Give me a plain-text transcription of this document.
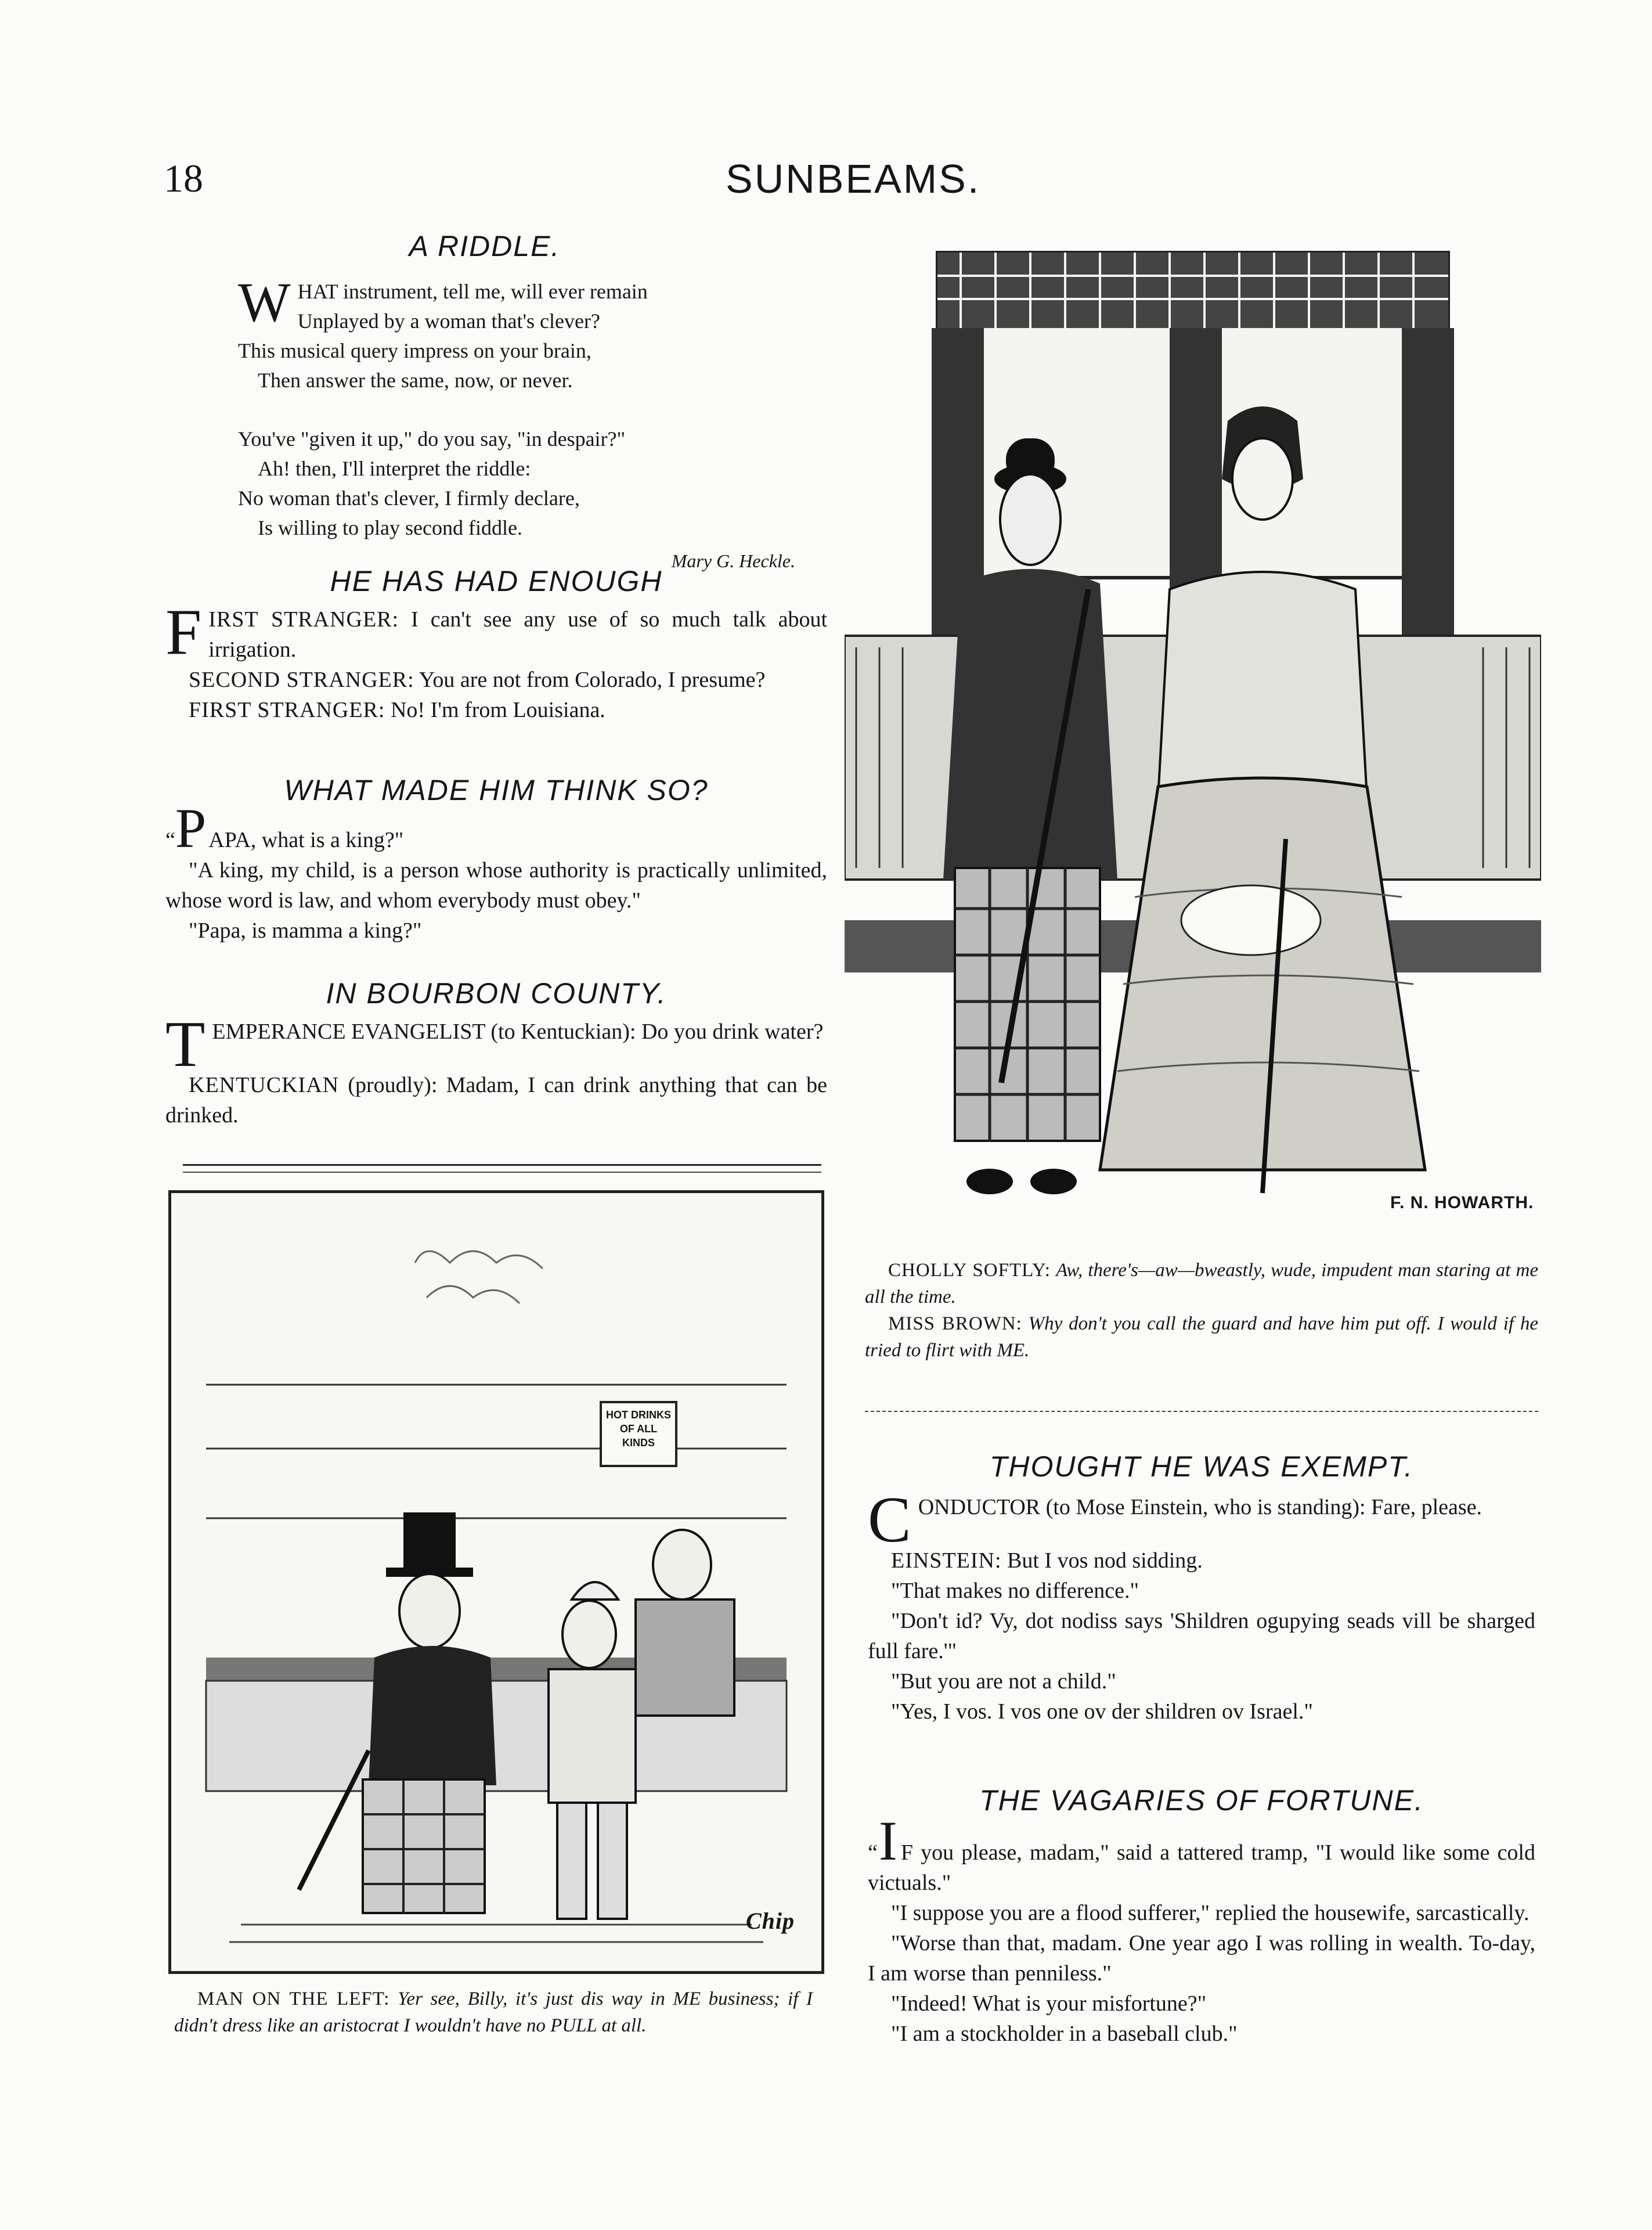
18	SUNBEAMS.
A RIDDLE.
W HAT instrument, tell me, will ever remain

Unplayed by a woman that's clever?

This musical query impress on your brain,

Then answer the same, now, or never.

You've "given it up," do you say, "in despair?"

Ah! then, I'll interpret the riddle:

No woman that's clever, I firmly declare,

Is willing to play second fiddle.

Mary G. Heckle.
HE HAS HAD ENOUGH

F IRST STRANGER: I can't see any use of so much talk about irrigation.

SECOND STRANGER: You are not from Colorado, I presume?

FIRST STRANGER: No! I'm from Louisiana.

WHAT MADE HIM THINK SO?

“P APA, what is a king?"

"A king, my child, is a person whose authority is practically unlimited, whose word is law, and whom everybody must obey."

"Papa, is mamma a king?"

IN BOURBON COUNTY.

T EMPERANCE EVANGELIST (to Kentuckian): Do you drink water?

KENTUCKIAN (proudly): Madam, I can drink anything that can be drinked.

F. N. HOWARTH.

CHOLLY SOFTLY: Aw, there's—aw—bweastly, wude, impudent man staring at me all the time.

MISS BROWN: Why don't you call the guard and have him put off. I would if he tried to flirt with ME.

HOT DRINKS OF ALL KINDS
Chip

MAN ON THE LEFT: Yer see, Billy, it's just dis way in ME business; if I didn't dress like an aristocrat I wouldn't have no PULL at all.

THOUGHT HE WAS EXEMPT.

C ONDUCTOR (to Mose Einstein, who is standing): Fare, please.

EINSTEIN: But I vos nod sidding.

"That makes no difference."

"Don't id? Vy, dot nodiss says 'Shildren ogupying seads vill be sharged full fare.'"

"But you are not a child."

"Yes, I vos. I vos one ov der shildren ov Israel."

THE VAGARIES OF FORTUNE.

“I F you please, madam," said a tattered tramp, "I would like some cold victuals."

"I suppose you are a flood sufferer," replied the housewife, sarcastically.

"Worse than that, madam. One year ago I was rolling in wealth. To-day, I am worse than penniless."

"Indeed! What is your misfortune?"

"I am a stockholder in a baseball club."
